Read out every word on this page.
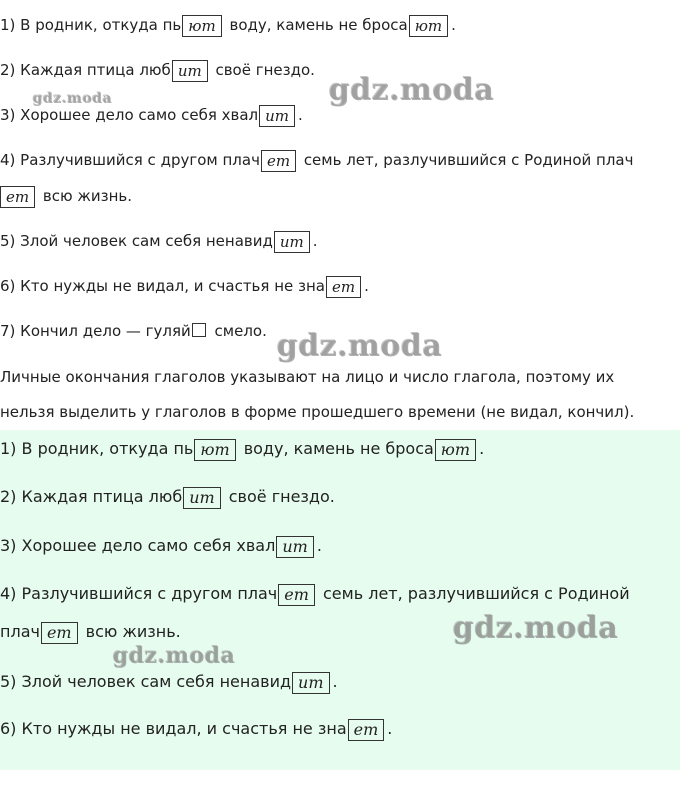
1) В родник, откуда пь ют воду, камень не броса ют .
2) Каждая птица люб ит своё гнездо.
3) Хорошее дело само себя хвал ит .
4) Разлучившийся с другом плач ет семь лет, разлучившийся с Родиной плач
ет всю жизнь.
5) Злой человек сам себя ненавид ит .
6) Кто нужды не видал, и счастья не зна ет .
7) Кончил дело — гуляй смело.
Личные окончания глаголов указывают на лицо и число глагола, поэтому их
нельзя выделить у глаголов в форме прошедшего времени (не видал, кончил).
1) В родник, откуда пь ют воду, камень не броса ют .
2) Каждая птица люб ит своё гнездо.
3) Хорошее дело само себя хвал ит .
4) Разлучившийся с другом плач ет семь лет, разлучившийся с Родиной
плач ет всю жизнь.
5) Злой человек сам себя ненавид ит .
6) Кто нужды не видал, и счастья не зна ет .
gdz.moda	gdz.moda
gdz.moda
gdz.moda
gdz.moda
